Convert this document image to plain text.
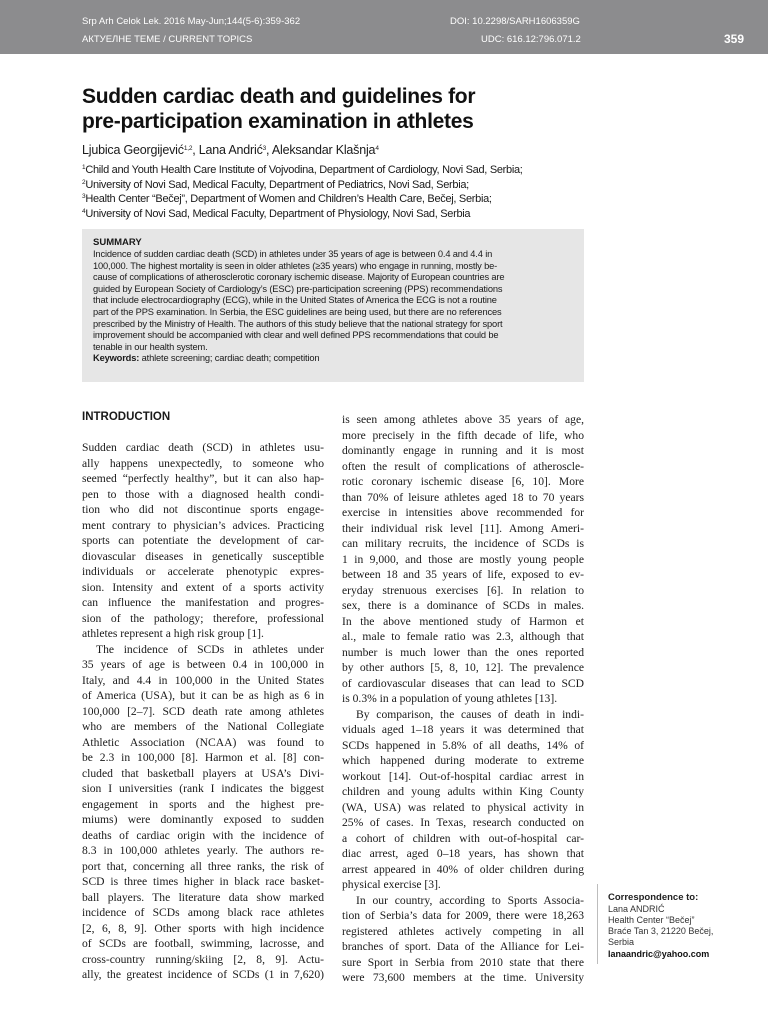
Srp Arh Celok Lek. 2016 May-Jun;144(5-6):359-362
АКТУЕЛНЕ ТЕМЕ / CURRENT TOPICS
DOI: 10.2298/SARH1606359G
UDC: 616.12:796.071.2	359
Sudden cardiac death and guidelines for
pre-participation examination in athletes
Ljubica Georgijević$^{1,2}$, Lana Andrić$^3$, Aleksandar Klašnja$^4$
$^1$Child and Youth Health Care Institute of Vojvodina, Department of Cardiology, Novi Sad, Serbia;
$^2$University of Novi Sad, Medical Faculty, Department of Pediatrics, Novi Sad, Serbia;
$^3$Health Center “Bečej”, Department of Women and Children’s Health Care, Bečej, Serbia;
$^4$University of Novi Sad, Medical Faculty, Department of Physiology, Novi Sad, Serbia
SUMMARY
Incidence of sudden cardiac death (SCD) in athletes under 35 years of age is between 0.4 and 4.4 in
100,000. The highest mortality is seen in older athletes (≥35 years) who engage in running, mostly be-
cause of complications of atherosclerotic coronary ischemic disease. Majority of European countries are
guided by European Society of Cardiology’s (ESC) pre-participation screening (PPS) recommendations
that include electrocardiography (ECG), while in the United States of America the ECG is not a routine
part of the PPS examination. In Serbia, the ESC guidelines are being used, but there are no references
prescribed by the Ministry of Health. The authors of this study believe that the national strategy for sport
improvement should be accompanied with clear and well defined PPS recommendations that could be
tenable in our health system.
Keywords: athlete screening; cardiac death; competition
INTRODUCTION
Sudden cardiac death (SCD) in athletes usu-
ally happens unexpectedly, to someone who
seemed “perfectly healthy”, but it can also hap-
pen to those with a diagnosed health condi-
tion who did not discontinue sports engage-
ment contrary to physician’s advices. Practicing
sports can potentiate the development of car-
diovascular diseases in genetically susceptible
individuals or accelerate phenotypic expres-
sion. Intensity and extent of a sports activity
can influence the manifestation and progres-
sion of the pathology; therefore, professional
athletes represent a high risk group [1].
The incidence of SCDs in athletes under
35 years of age is between 0.4 in 100,000 in
Italy, and 4.4 in 100,000 in the United States
of America (USA), but it can be as high as 6 in
100,000 [2–7]. SCD death rate among athletes
who are members of the National Collegiate
Athletic Association (NCAA) was found to
be 2.3 in 100,000 [8]. Harmon et al. [8] con-
cluded that basketball players at USA’s Divi-
sion I universities (rank I indicates the biggest
engagement in sports and the highest pre-
miums) were dominantly exposed to sudden
deaths of cardiac origin with the incidence of
8.3 in 100,000 athletes yearly. The authors re-
port that, concerning all three ranks, the risk of
SCD is three times higher in black race basket-
ball players. The literature data show marked
incidence of SCDs among black race athletes
[2, 6, 8, 9]. Other sports with high incidence
of SCDs are football, swimming, lacrosse, and
cross-country running/skiing [2, 8, 9]. Actu-
ally, the greatest incidence of SCDs (1 in 7,620)
is seen among athletes above 35 years of age,
more precisely in the fifth decade of life, who
dominantly engage in running and it is most
often the result of complications of atheroscle-
rotic coronary ischemic disease [6, 10]. More
than 70% of leisure athletes aged 18 to 70 years
exercise in intensities above recommended for
their individual risk level [11]. Among Ameri-
can military recruits, the incidence of SCDs is
1 in 9,000, and those are mostly young people
between 18 and 35 years of life, exposed to ev-
eryday strenuous exercises [6]. In relation to
sex, there is a dominance of SCDs in males.
In the above mentioned study of Harmon et
al., male to female ratio was 2.3, although that
number is much lower than the ones reported
by other authors [5, 8, 10, 12]. The prevalence
of cardiovascular diseases that can lead to SCD
is 0.3% in a population of young athletes [13].
By comparison, the causes of death in indi-
viduals aged 1–18 years it was determined that
SCDs happened in 5.8% of all deaths, 14% of
which happened during moderate to extreme
workout [14]. Out-of-hospital cardiac arrest in
children and young adults within King County
(WA, USA) was related to physical activity in
25% of cases. In Texas, research conducted on
a cohort of children with out-of-hospital car-
diac arrest, aged 0–18 years, has shown that
arrest appeared in 40% of older children during
physical exercise [3].
In our country, according to Sports Associa-
tion of Serbia’s data for 2009, there were 18,263
registered athletes actively competing in all
branches of sport. Data of the Alliance for Lei-
sure Sport in Serbia from 2010 state that there
were 73,600 members at the time. University
Correspondence to:
Lana ANDRIĆ
Health Center “Bečej”
Braće Tan 3, 21220 Bečej,
Serbia
lanaandric@yahoo.com
